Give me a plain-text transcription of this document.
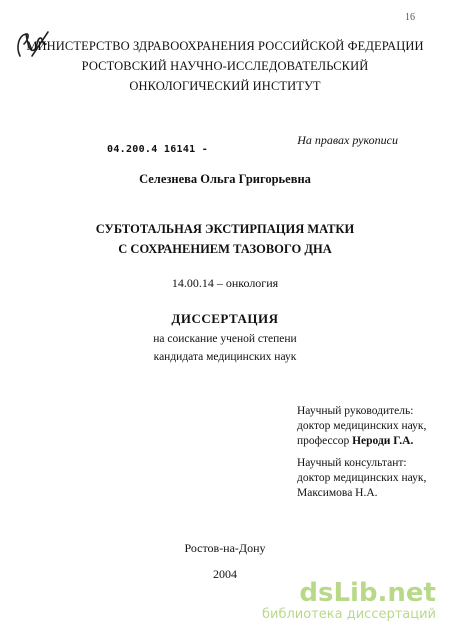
16
МИНИСТЕРСТВО ЗДРАВООХРАНЕНИЯ РОССИЙСКОЙ ФЕДЕРАЦИИ
РОСТОВСКИЙ НАУЧНО-ИССЛЕДОВАТЕЛЬСКИЙ
ОНКОЛОГИЧЕСКИЙ ИНСТИТУТ
На правах рукописи
04.200.4 16141 -
Селезнева Ольга Григорьевна
СУБТОТАЛЬНАЯ ЭКСТИРПАЦИЯ МАТКИ
С СОХРАНЕНИЕМ ТАЗОВОГО ДНА
14.00.14 – онкология
ДИССЕРТАЦИЯ
на соискание ученой степени
кандидата медицинских наук
Научный руководитель:
доктор медицинских наук,
профессор Нероди Г.А.
Научный консультант:
доктор медицинских наук,
Максимова Н.А.
Ростов-на-Дону
2004
dsLib.net
библиотека диссертаций
